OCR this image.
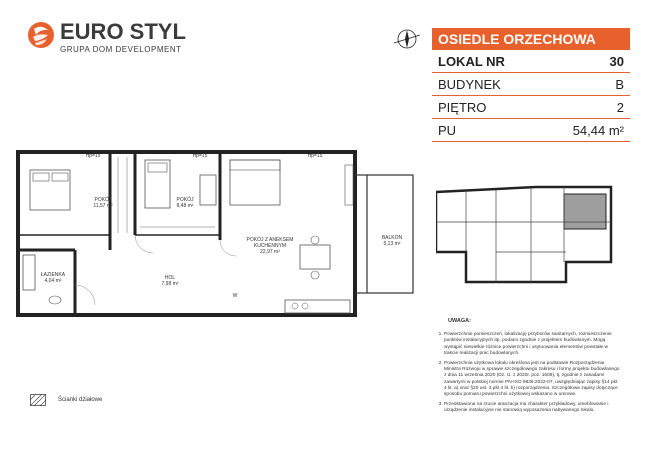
EURO STYL
GRUPA DOM DEVELOPMENT
OSIEDLE ORZECHOWA
LOKAL NR	30
BUDYNEK	B
PIĘTRO	2
PU	54,44 m²
POKÓJ
11,57 m²
POKÓJ
8,48 m²
POKÓJ Z ANEKSEM
KUCHENNYM
22,97 m²
ŁAZIENKA
4,04 m²	HOL
7,98 m²
BALKON
5,13 m²
Hp=15	Hp=15	Hp=15
W
Ścianki działowe
UWAGA:
1. Powierzchnie pomieszczeń, lokalizację przyborów sanitarnych, rozmieszczenie punktów instalacyjnych itp. podano zgodnie z projektem budowlanym. Mogą wystąpić niewielkie różnice powierzchni i usytuowania elementów powstałe w trakcie realizacji prac budowlanych.
2. Powierzchnia użytkowa lokalu określona jest na podstawie Rozporządzenia Ministra Rozwoju w sprawie szczegółowego zakresu i formy projektu budowlanego z dnia 11 września 2020 (Dz. U. z 2020r. poz. 1609), tj. zgodnie z zasadami zawartymi w polskiej normie PN-ISO 9836:2022-07, uwzględniając zapisy §14 pkt 4 lit. a) oraz §20 ust. 3 pkt 4 lit. b) rozporządzenia. Szczegółowe zapisy dotyczące sposobu pomiaru powierzchni użytkowej wskazano w umowie.
3. Przedstawiona na rzucie aranżacja ma charakter przykładowy, umeblowanie i urządzenie instalacyjne nie stanowią wyposażenia nabywanego lokalu.
